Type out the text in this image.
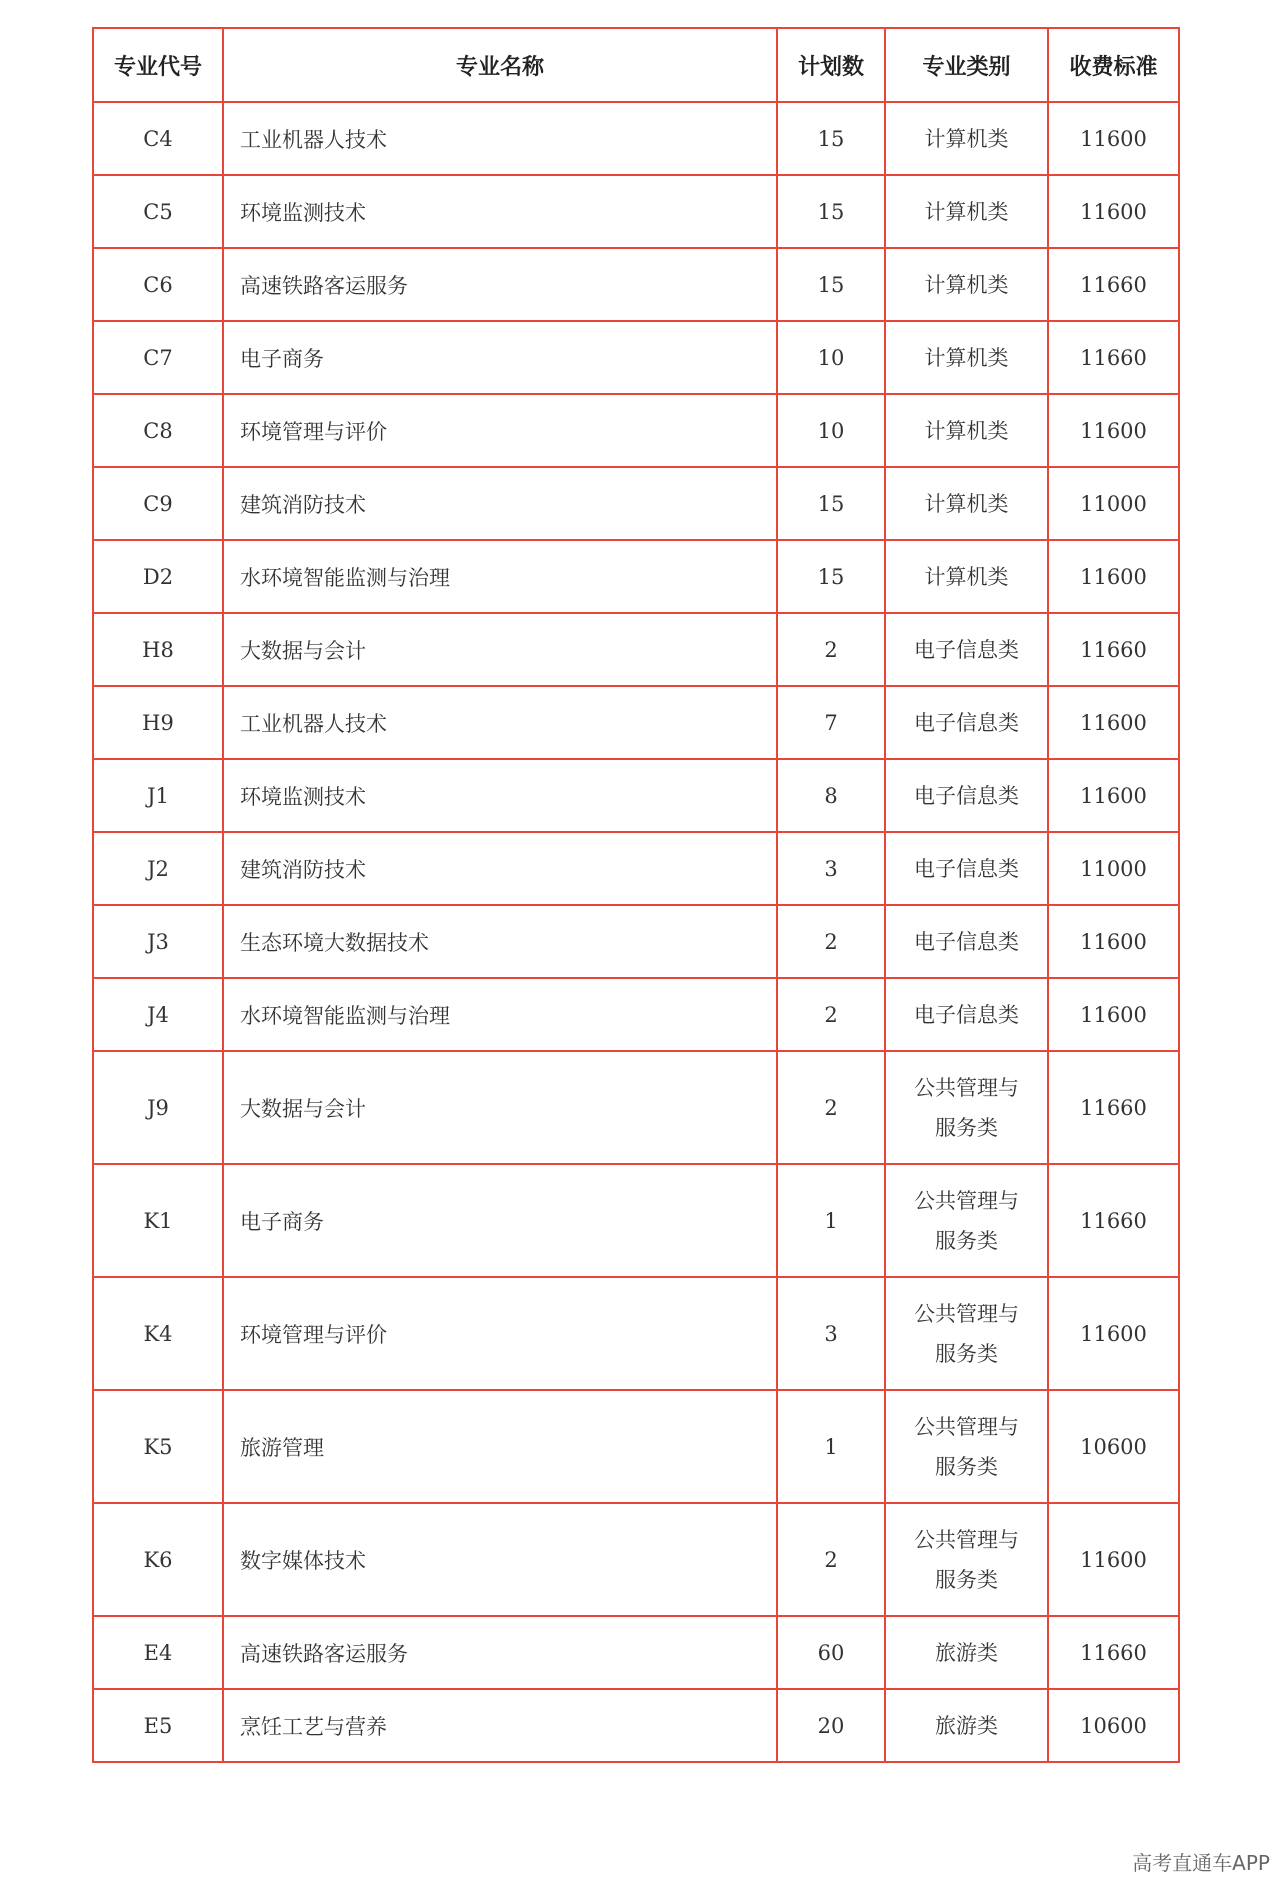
专业代号	专业名称	计划数	专业类别	收费标准
C4	工业机器人技术	15	计算机类	11600
C5	环境监测技术	15	计算机类	11600
C6	高速铁路客运服务	15	计算机类	11660
C7	电子商务	10	计算机类	11660
C8	环境管理与评价	10	计算机类	11600
C9	建筑消防技术	15	计算机类	11000
D2	水环境智能监测与治理	15	计算机类	11600
H8	大数据与会计	2	电子信息类	11660
H9	工业机器人技术	7	电子信息类	11600
J1	环境监测技术	8	电子信息类	11600
J2	建筑消防技术	3	电子信息类	11000
J3	生态环境大数据技术	2	电子信息类	11600
J4	水环境智能监测与治理	2	电子信息类	11600
J9	大数据与会计	2	公共管理与服务类	11660
K1	电子商务	1	公共管理与服务类	11660
K4	环境管理与评价	3	公共管理与服务类	11600
K5	旅游管理	1	公共管理与服务类	10600
K6	数字媒体技术	2	公共管理与服务类	11600
E4	高速铁路客运服务	60	旅游类	11660
E5	烹饪工艺与营养	20	旅游类	10600
高考直通车APP
